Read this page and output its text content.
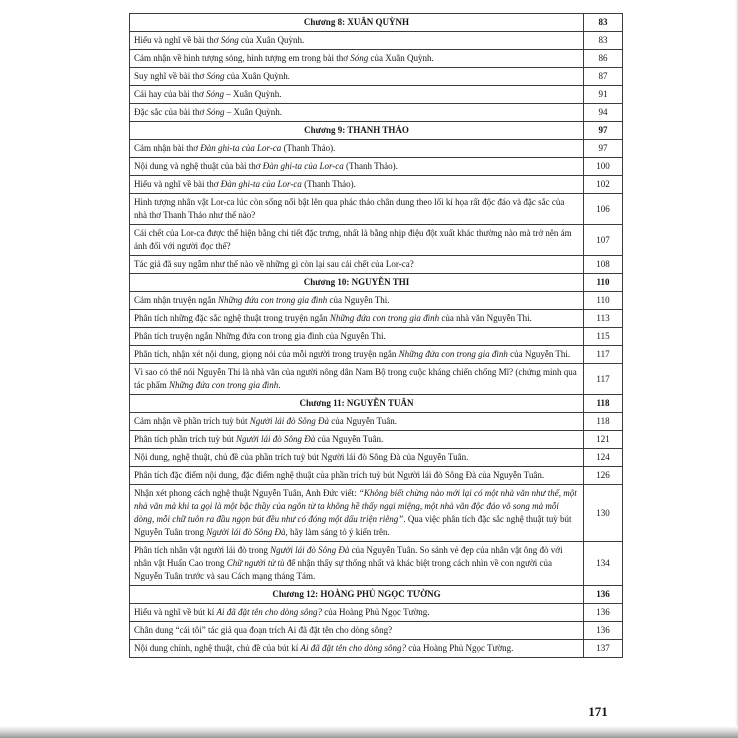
Chương 8: XUÂN QUỲNH	83
Hiểu và nghĩ về bài thơ Sóng của Xuân Quỳnh.	83
Cảm nhận về hình tượng sóng, hình tượng em trong bài thơ Sóng của Xuân Quỳnh.	86
Suy nghĩ về bài thơ Sóng của Xuân Quỳnh.	87
Cái hay của bài thơ Sóng – Xuân Quỳnh.	91
Đặc sắc của bài thơ Sóng – Xuân Quỳnh.	94
Chương 9: THANH THẢO	97
Cảm nhận bài thơ Đàn ghi-ta của Lor-ca (Thanh Thảo).	97
Nội dung và nghệ thuật của bài thơ Đàn ghi-ta của Lor-ca (Thanh Thảo).	100
Hiểu và nghĩ về bài thơ Đàn ghi-ta của Lor-ca (Thanh Thảo).	102
Hình tượng nhân vật Lor-ca lúc còn sống nổi bật lên qua phác thảo chân dung theo lối kí họa rất độc đáo và đặc sắc của nhà thơ Thanh Thảo như thế nào?	106
Cái chết của Lor-ca được thể hiện bằng chi tiết đặc trưng, nhất là bằng nhịp điệu đột xuất khác thường nào mà trở nên ám ảnh đối với người đọc thế?	107
Tác giả đã suy ngẫm như thế nào về những gì còn lại sau cái chết của Lor-ca?	108
Chương 10: NGUYỄN THI	110
Cảm nhận truyện ngắn Những đứa con trong gia đình của Nguyễn Thi.	110
Phân tích những đặc sắc nghệ thuật trong truyện ngắn Những đứa con trong gia đình của nhà văn Nguyễn Thi.	113
Phân tích truyện ngắn Những đứa con trong gia đình của Nguyễn Thi.	115
Phân tích, nhận xét nội dung, giọng nói của mỗi người trong truyện ngắn Những đứa con trong gia đình của Nguyễn Thi.	117
Vì sao có thể nói Nguyễn Thi là nhà văn của người nông dân Nam Bộ trong cuộc kháng chiến chống Mĩ? (chứng minh qua tác phẩm Những đứa con trong gia đình.	117
Chương 11: NGUYỄN TUÂN	118
Cảm nhận về phần trích tuỳ bút Người lái đò Sông Đà của Nguyễn Tuân.	118
Phân tích phần trích tuỳ bút Người lái đò Sông Đà của Nguyễn Tuân.	121
Nội dung, nghệ thuật, chủ đề của phần trích tuỳ bút Người lái đò Sông Đà của Nguyễn Tuân.	124
Phân tích đặc điểm nội dung, đặc điểm nghệ thuật của phần trích tuỳ bút Người lái đò Sông Đà của Nguyễn Tuân.	126
Nhận xét phong cách nghệ thuật Nguyễn Tuân, Anh Đức viết: “Không biết chừng nào mới lại có một nhà văn như thế, một nhà văn mà khi ta gọi là một bậc thầy của ngôn từ ta không hề thấy ngại miệng, một nhà văn độc đáo vô song mà mỗi dòng, mỗi chữ tuôn ra đầu ngọn bút đều như có đóng một dấu triện riêng”. Qua việc phân tích đặc sắc nghệ thuật tuỳ bút Nguyễn Tuân trong Người lái đò Sông Đà, hãy làm sáng tỏ ý kiến trên.	130
Phân tích nhân vật người lái đò trong Người lái đò Sông Đà của Nguyễn Tuân. So sánh vẻ đẹp của nhân vật ông đò với nhân vật Huấn Cao trong Chữ người tử tù để nhận thấy sự thống nhất và khác biệt trong cách nhìn về con người của Nguyễn Tuân trước và sau Cách mạng tháng Tám.	134
Chương 12: HOÀNG PHỦ NGỌC TƯỜNG	136
Hiểu và nghĩ về bút kí Ai đã đặt tên cho dòng sông? của Hoàng Phủ Ngọc Tường.	136
Chân dung “cái tôi” tác giả qua đoạn trích Ai đã đặt tên cho dòng sông?	136
Nội dung chính, nghệ thuật, chủ đề của bút kí Ai đã đặt tên cho dòng sông? của Hoàng Phủ Ngọc Tường.	137
171
